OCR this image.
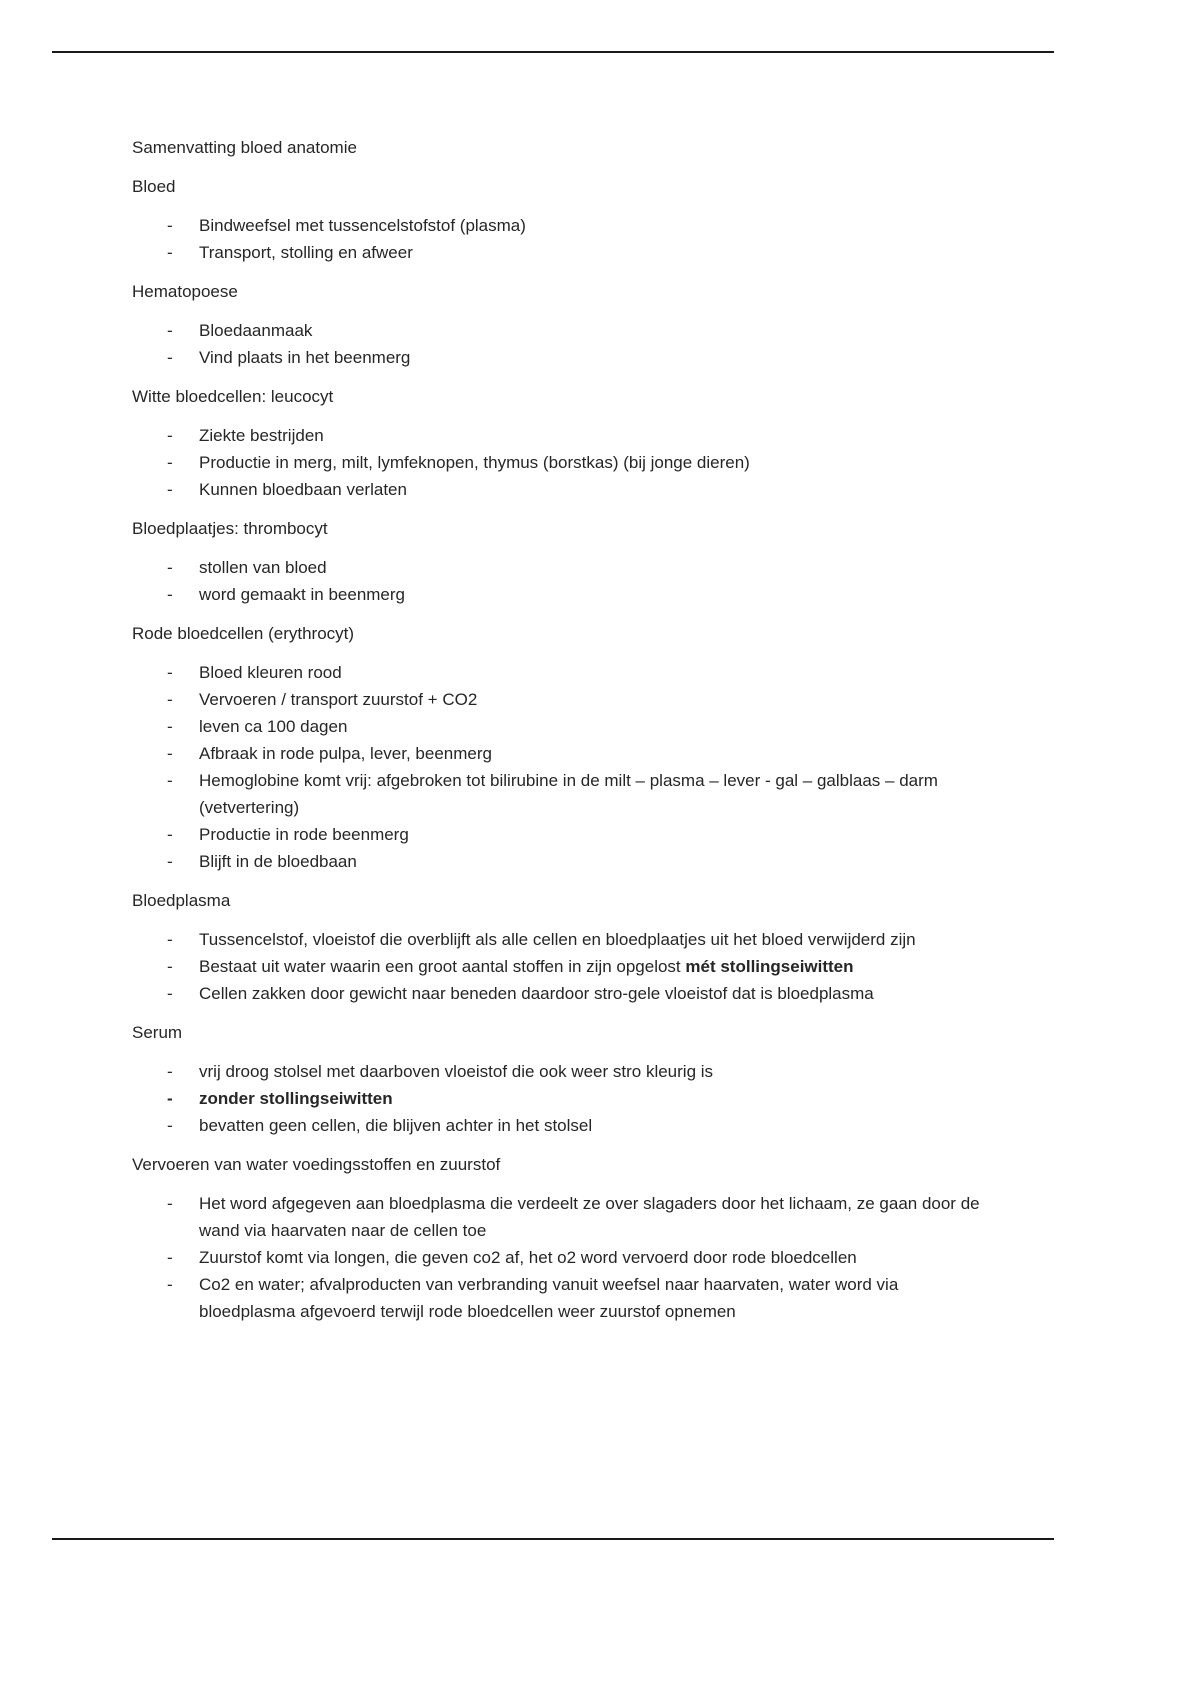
Samenvatting bloed anatomie

Bloed

- Bindweefsel met tussencelstofstof (plasma)
- Transport, stolling en afweer

Hematopoese

- Bloedaanmaak
- Vind plaats in het beenmerg

Witte bloedcellen: leucocyt

- Ziekte bestrijden
- Productie in merg, milt, lymfeknopen, thymus (borstkas) (bij jonge dieren)
- Kunnen bloedbaan verlaten

Bloedplaatjes: thrombocyt

- stollen van bloed
- word gemaakt in beenmerg

Rode bloedcellen (erythrocyt)

- Bloed kleuren rood
- Vervoeren / transport zuurstof + CO2
- leven ca 100 dagen
- Afbraak in rode pulpa, lever, beenmerg
- Hemoglobine komt vrij: afgebroken tot bilirubine in de milt – plasma – lever - gal – galblaas – darm (vetvertering)
- Productie in rode beenmerg
- Blijft in de bloedbaan

Bloedplasma

- Tussencelstof, vloeistof die overblijft als alle cellen en bloedplaatjes uit het bloed verwijderd zijn
- Bestaat uit water waarin een groot aantal stoffen in zijn opgelost mét stollingseiwitten
- Cellen zakken door gewicht naar beneden daardoor stro-gele vloeistof dat is bloedplasma

Serum

- vrij droog stolsel met daarboven vloeistof die ook weer stro kleurig is
- zonder stollingseiwitten
- bevatten geen cellen, die blijven achter in het stolsel

Vervoeren van water voedingsstoffen en zuurstof

- Het word afgegeven aan bloedplasma die verdeelt ze over slagaders door het lichaam, ze gaan door de wand via haarvaten naar de cellen toe
- Zuurstof komt via longen, die geven co2 af, het o2 word vervoerd door rode bloedcellen
- Co2 en water; afvalproducten van verbranding vanuit weefsel naar haarvaten, water word via bloedplasma afgevoerd terwijl rode bloedcellen weer zuurstof opnemen
